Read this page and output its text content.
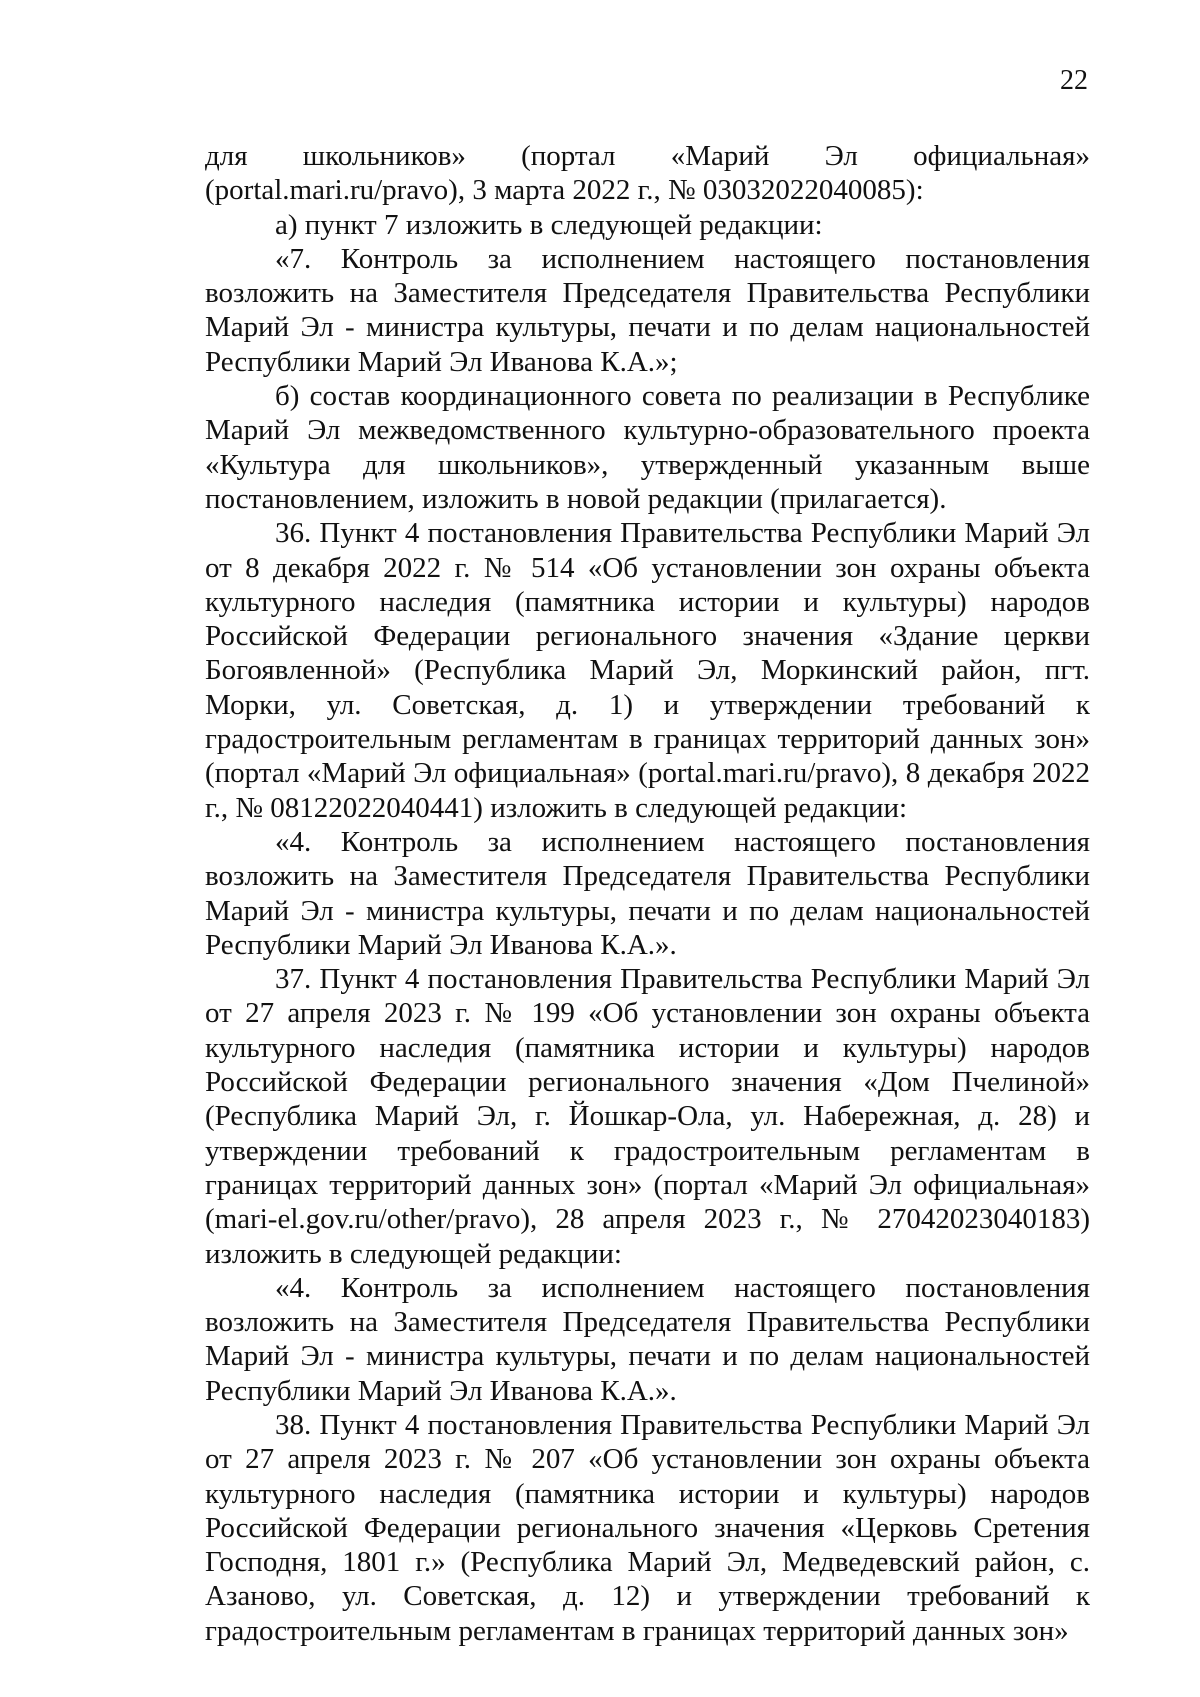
22

для школьников» (портал «Марий Эл официальная» (portal.mari.ru/pravo), 3 марта 2022 г., № 03032022040085):

а) пункт 7 изложить в следующей редакции:

«7. Контроль за исполнением настоящего постановления возложить на Заместителя Председателя Правительства Республики Марий Эл - министра культуры, печати и по делам национальностей Республики Марий Эл Иванова К.А.»;

б) состав координационного совета по реализации в Республике Марий Эл межведомственного культурно-образовательного проекта «Культура для школьников», утвержденный указанным выше постановлением, изложить в новой редакции (прилагается).

36. Пункт 4 постановления Правительства Республики Марий Эл от 8 декабря 2022 г. № 514 «Об установлении зон охраны объекта культурного наследия (памятника истории и культуры) народов Российской Федерации регионального значения «Здание церкви Богоявленной» (Республика Марий Эл, Моркинский район, пгт. Морки, ул. Советская, д. 1) и утверждении требований к градостроительным регламентам в границах территорий данных зон» (портал «Марий Эл официальная» (portal.mari.ru/pravo), 8 декабря 2022 г., № 08122022040441) изложить в следующей редакции:

«4. Контроль за исполнением настоящего постановления возложить на Заместителя Председателя Правительства Республики Марий Эл - министра культуры, печати и по делам национальностей Республики Марий Эл Иванова К.А.».

37. Пункт 4 постановления Правительства Республики Марий Эл от 27 апреля 2023 г. № 199 «Об установлении зон охраны объекта культурного наследия (памятника истории и культуры) народов Российской Федерации регионального значения «Дом Пчелиной» (Республика Марий Эл, г. Йошкар-Ола, ул. Набережная, д. 28) и утверждении требований к градостроительным регламентам в границах территорий данных зон» (портал «Марий Эл официальная» (mari-el.gov.ru/other/pravo), 28 апреля 2023 г., № 27042023040183) изложить в следующей редакции:

«4. Контроль за исполнением настоящего постановления возложить на Заместителя Председателя Правительства Республики Марий Эл - министра культуры, печати и по делам национальностей Республики Марий Эл Иванова К.А.».

38. Пункт 4 постановления Правительства Республики Марий Эл от 27 апреля 2023 г. № 207 «Об установлении зон охраны объекта культурного наследия (памятника истории и культуры) народов Российской Федерации регионального значения «Церковь Сретения Господня, 1801 г.» (Республика Марий Эл, Медведевский район, с. Азаново, ул. Советская, д. 12) и утверждении требований к градостроительным регламентам в границах территорий данных зон»
